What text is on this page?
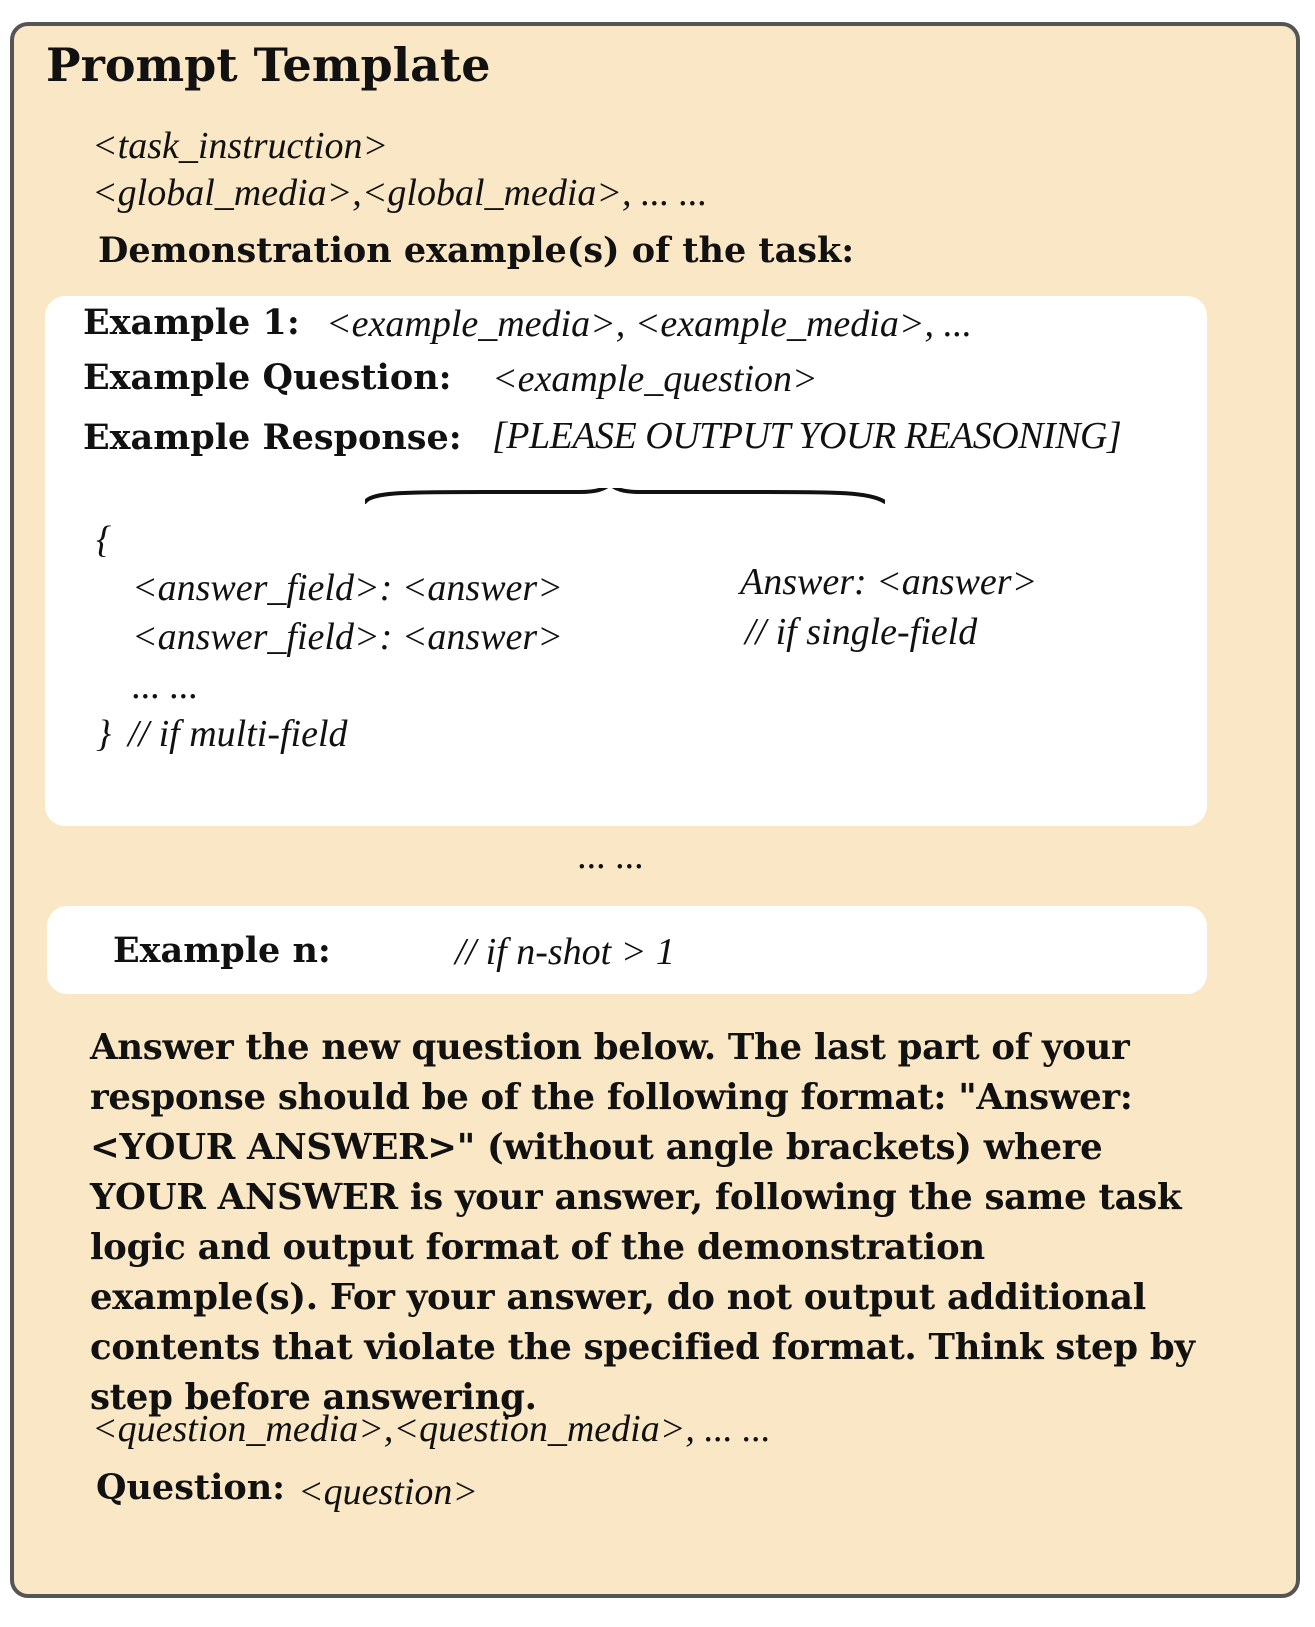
Prompt Template
<task_instruction>
<global_media>,<global_media>, ... ...
Demonstration example(s) of the task:
Example 1: <example_media>, <example_media>, ...
Example Question: <example_question>
Example Response: [PLEASE OUTPUT YOUR REASONING]
{
<answer_field>: <answer>
<answer_field>: <answer>
... ...
} // if multi-field
Answer: <answer>
// if single-field
... ...
Example n:	// if n-shot > 1
Answer the new question below. The last part of your response should be of the following format: "Answer: <YOUR ANSWER>" (without angle brackets) where YOUR ANSWER is your answer, following the same task logic and output format of the demonstration example(s). For your answer, do not output additional contents that violate the specified format. Think step by step before answering.
<question_media>,<question_media>, ... ...
Question: <question>
